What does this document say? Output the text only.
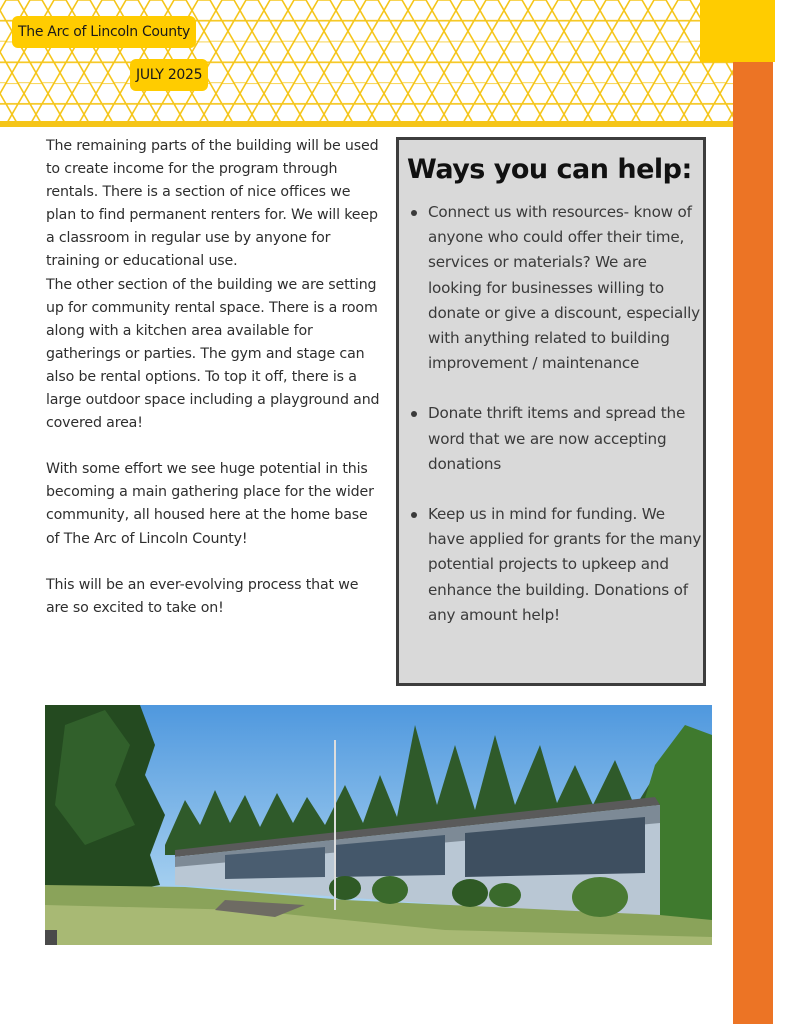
The Arc of Lincoln County
JULY 2025

The remaining parts of the building will be used to create income for the program through rentals. There is a section of nice offices we plan to find permanent renters for. We will keep a classroom in regular use by anyone for training or educational use.

The other section of the building we are setting up for community rental space. There is a room along with a kitchen area available for gatherings or parties. The gym and stage can also be rental options. To top it off, there is a large outdoor space including a playground and covered area!

With some effort we see huge potential in this becoming a main gathering place for the wider community, all housed here at the home base of The Arc of Lincoln County!

This will be an ever-evolving process that we are so excited to take on!

Ways you can help:
Connect us with resources- know of anyone who could offer their time, services or materials? We are looking for businesses willing to donate or give a discount, especially with anything related to building improvement / maintenance
Donate thrift items and spread the word that we are now accepting donations
Keep us in mind for funding. We have applied for grants for the many potential projects to upkeep and enhance the building. Donations of any amount help!
